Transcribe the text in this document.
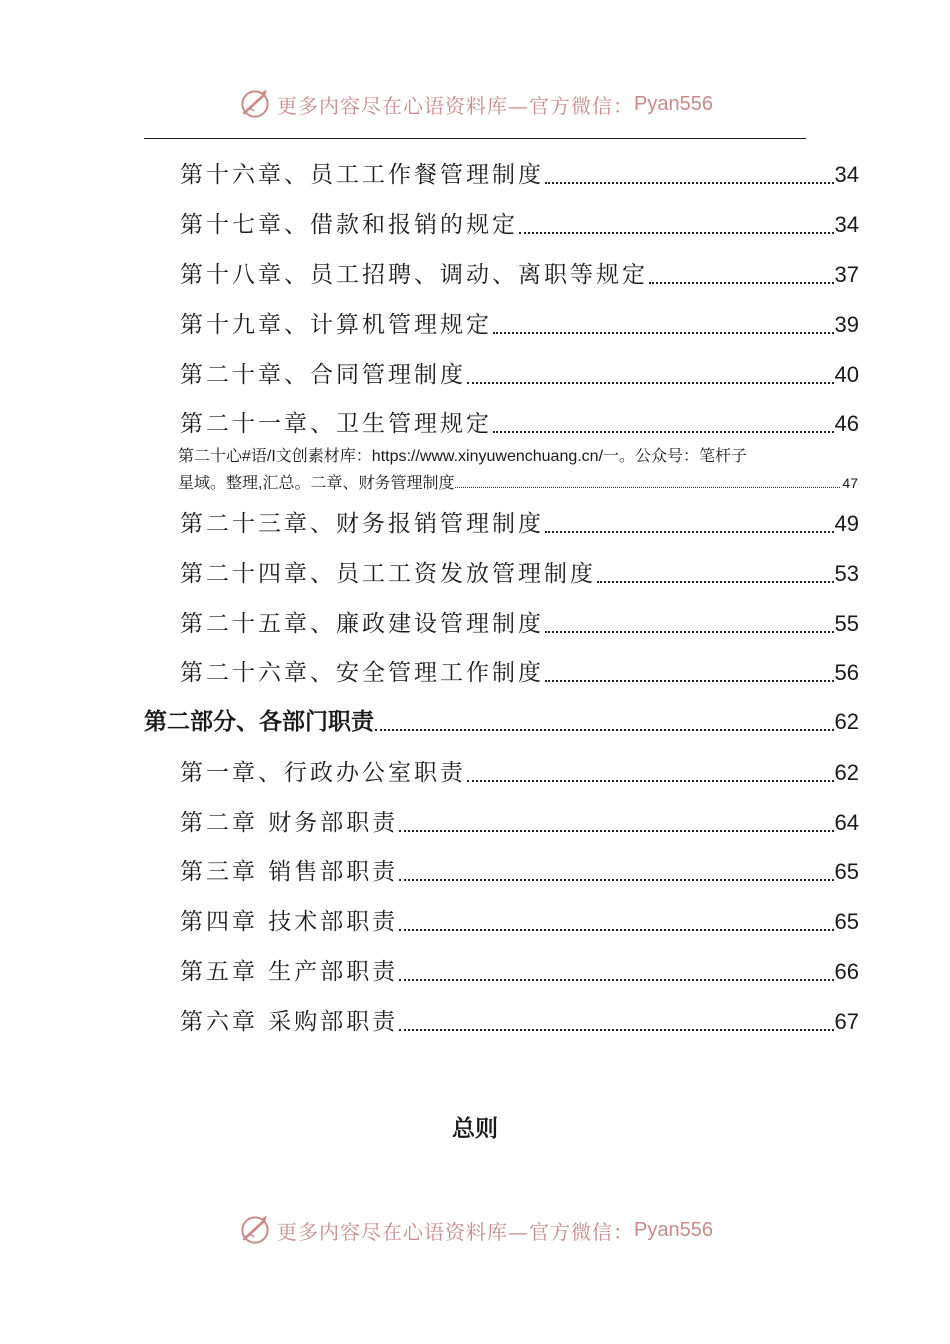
更多内容尽在心语资料库—官方微信： Pyan556
第十六章、员工工作餐管理制度	34
第十七章、借款和报销的规定	34
第十八章、员工招聘、调动、离职等规定	37
第十九章、计算机管理规定	39
第二十章、合同管理制度	40
第二十一章、卫生管理规定	46
第二十心#语/I文创素材库：https://www.xinyuwenchuang.cn/一。公众号：笔杆子
星域。整理,汇总。二章、财务管理制度	47
第二十三章、财务报销管理制度	49
第二十四章、员工工资发放管理制度	53
第二十五章、廉政建设管理制度	55
第二十六章、安全管理工作制度	56
第二部分、各部门职责	62
第一章、行政办公室职责	62
第二章 财务部职责	64
第三章 销售部职责	65
第四章 技术部职责	65
第五章 生产部职责	66
第六章 采购部职责	67
总则
更多内容尽在心语资料库—官方微信： Pyan556
